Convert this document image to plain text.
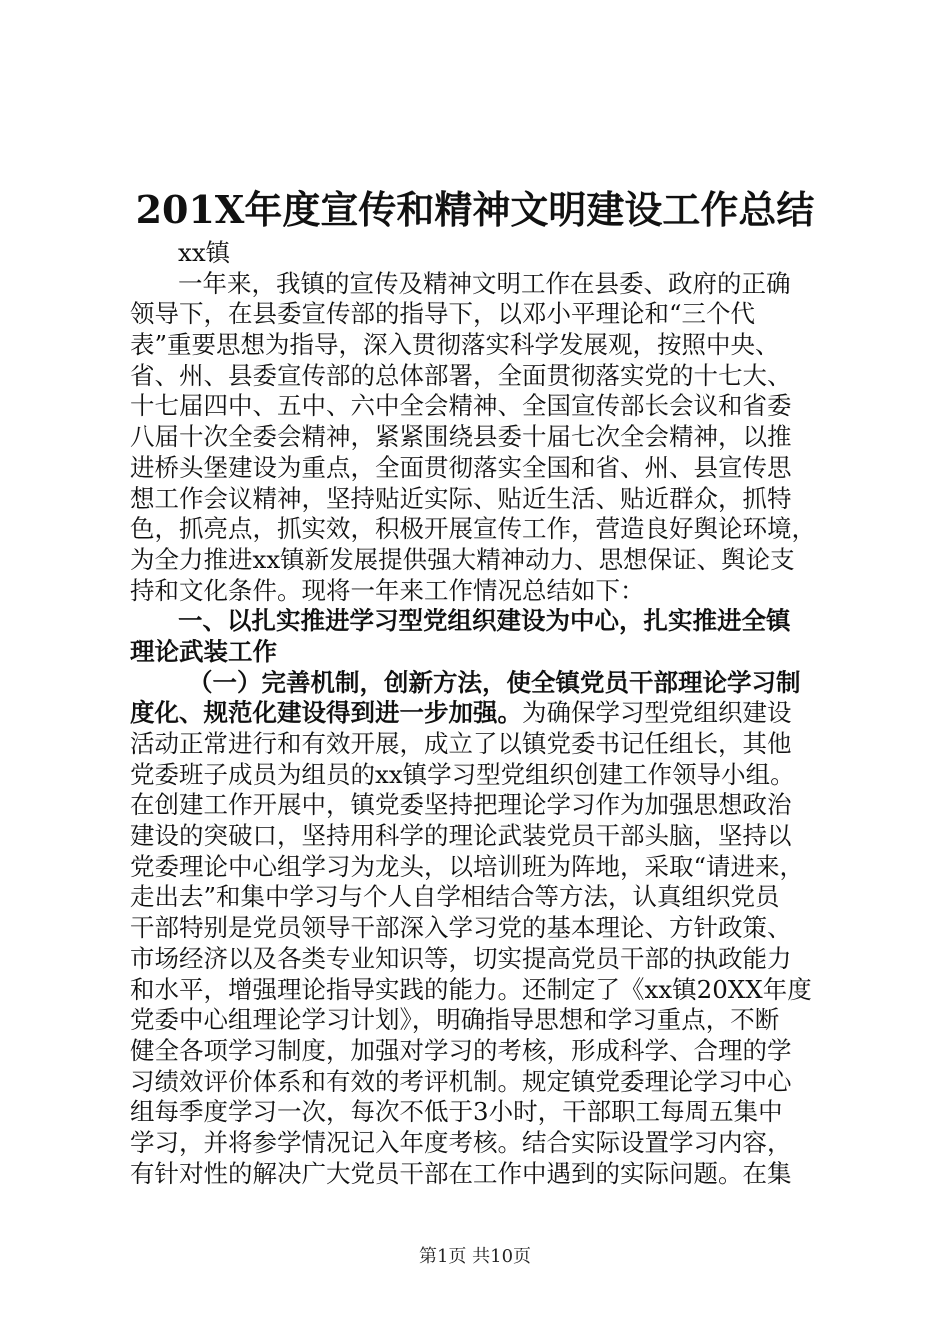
201X年度宣传和精神文明建设工作总结
xx镇
一年来，我镇的宣传及精神文明工作在县委、政府的正确
领导下，在县委宣传部的指导下，以邓小平理论和“三个代
表”重要思想为指导，深入贯彻落实科学发展观，按照中央、
省、州、县委宣传部的总体部署，全面贯彻落实党的十七大、
十七届四中、五中、六中全会精神、全国宣传部长会议和省委
八届十次全委会精神，紧紧围绕县委十届七次全会精神，以推
进桥头堡建设为重点，全面贯彻落实全国和省、州、县宣传思
想工作会议精神，坚持贴近实际、贴近生活、贴近群众，抓特
色，抓亮点，抓实效，积极开展宣传工作，营造良好舆论环境，
为全力推进xx镇新发展提供强大精神动力、思想保证、舆论支
持和文化条件。现将一年来工作情况总结如下：
一、以扎实推进学习型党组织建设为中心，扎实推进全镇
理论武装工作
（一）完善机制，创新方法，使全镇党员干部理论学习制
度化、规范化建设得到进一步加强。为确保学习型党组织建设
活动正常进行和有效开展，成立了以镇党委书记任组长，其他
党委班子成员为组员的xx镇学习型党组织创建工作领导小组。
在创建工作开展中，镇党委坚持把理论学习作为加强思想政治
建设的突破口，坚持用科学的理论武装党员干部头脑，坚持以
党委理论中心组学习为龙头，以培训班为阵地，采取“请进来，
走出去”和集中学习与个人自学相结合等方法，认真组织党员
干部特别是党员领导干部深入学习党的基本理论、方针政策、
市场经济以及各类专业知识等，切实提高党员干部的执政能力
和水平，增强理论指导实践的能力。还制定了《xx镇20XX年度
党委中心组理论学习计划》，明确指导思想和学习重点，不断
健全各项学习制度，加强对学习的考核，形成科学、合理的学
习绩效评价体系和有效的考评机制。规定镇党委理论学习中心
组每季度学习一次，每次不低于3小时，干部职工每周五集中
学习，并将参学情况记入年度考核。结合实际设置学习内容，
有针对性的解决广大党员干部在工作中遇到的实际问题。在集
第1页 共10页
